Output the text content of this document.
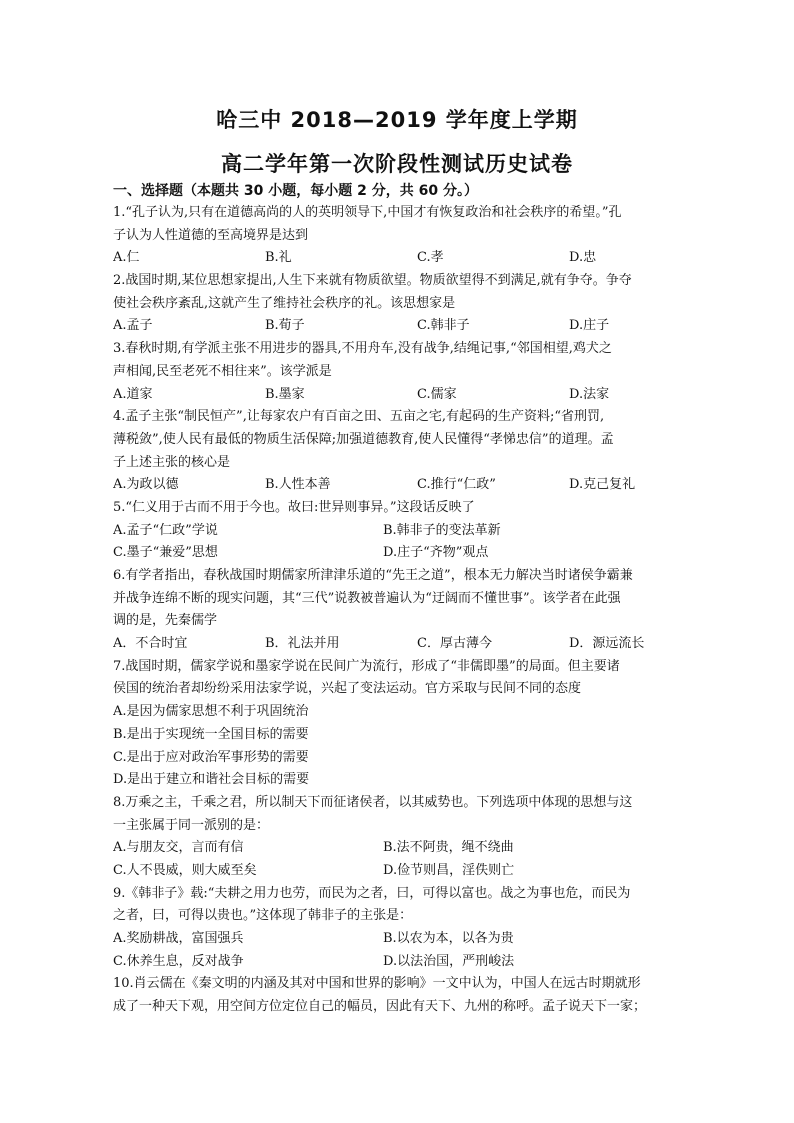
哈三中 2018—2019 学年度上学期
高二学年第一次阶段性测试历史试卷
一、选择题（本题共 30 小题，每小题 2 分，共 60 分。）
1.“孔子认为,只有在道德高尚的人的英明领导下,中国才有恢复政治和社会秩序的希望。”孔
子认为人性道德的至高境界是达到
A.仁	B.礼	C.孝	D.忠
2.战国时期,某位思想家提出,人生下来就有物质欲望。物质欲望得不到满足,就有争夺。争夺
使社会秩序紊乱,这就产生了维持社会秩序的礼。该思想家是
A.孟子	B.荀子	C.韩非子	D.庄子
3.春秋时期,有学派主张不用进步的器具,不用舟车,没有战争,结绳记事,“邻国相望,鸡犬之
声相闻,民至老死不相往来”。该学派是
A.道家	B.墨家	C.儒家	D.法家
4.孟子主张“制民恒产”,让每家农户有百亩之田、五亩之宅,有起码的生产资料;“省刑罚,
薄税敛”,使人民有最低的物质生活保障;加强道德教育,使人民懂得“孝悌忠信”的道理。孟
子上述主张的核心是
A.为政以德	B.人性本善	C.推行“仁政”	D.克己复礼
5.“仁义用于古而不用于今也。故曰:世异则事异。”这段话反映了
A.孟子“仁政”学说	B.韩非子的变法革新
C.墨子“兼爱”思想	D.庄子“齐物”观点
6.有学者指出，春秋战国时期儒家所津津乐道的“先王之道”，根本无力解决当时诸侯争霸兼
并战争连绵不断的现实问题，其“三代”说教被普遍认为“迂阔而不懂世事”。该学者在此强
调的是，先秦儒学
A．不合时宜	B．礼法并用	C．厚古薄今	D．源远流长
7.战国时期，儒家学说和墨家学说在民间广为流行，形成了“非儒即墨”的局面。但主要诸
侯国的统治者却纷纷采用法家学说，兴起了变法运动。官方采取与民间不同的态度
A.是因为儒家思想不利于巩固统治
B.是出于实现统一全国目标的需要
C.是出于应对政治军事形势的需要
D.是出于建立和谐社会目标的需要
8.万乘之主，千乘之君，所以制天下而征诸侯者，以其威势也。下列选项中体现的思想与这
一主张属于同一派别的是：
A.与朋友交，言而有信	B.法不阿贵，绳不绕曲
C.人不畏威，则大威至矣	D.俭节则昌，淫佚则亡
9.《韩非子》载:“夫耕之用力也劳，而民为之者，曰，可得以富也。战之为事也危，而民为
之者，曰，可得以贵也。”这体现了韩非子的主张是：
A.奖励耕战，富国强兵	B.以农为本，以各为贵
C.休养生息，反对战争	D.以法治国，严刑峻法
10.肖云儒在《秦文明的内涵及其对中国和世界的影响》一文中认为，中国人在远古时期就形
成了一种天下观，用空间方位定位自己的幅员，因此有天下、九州的称呼。孟子说天下一家；
